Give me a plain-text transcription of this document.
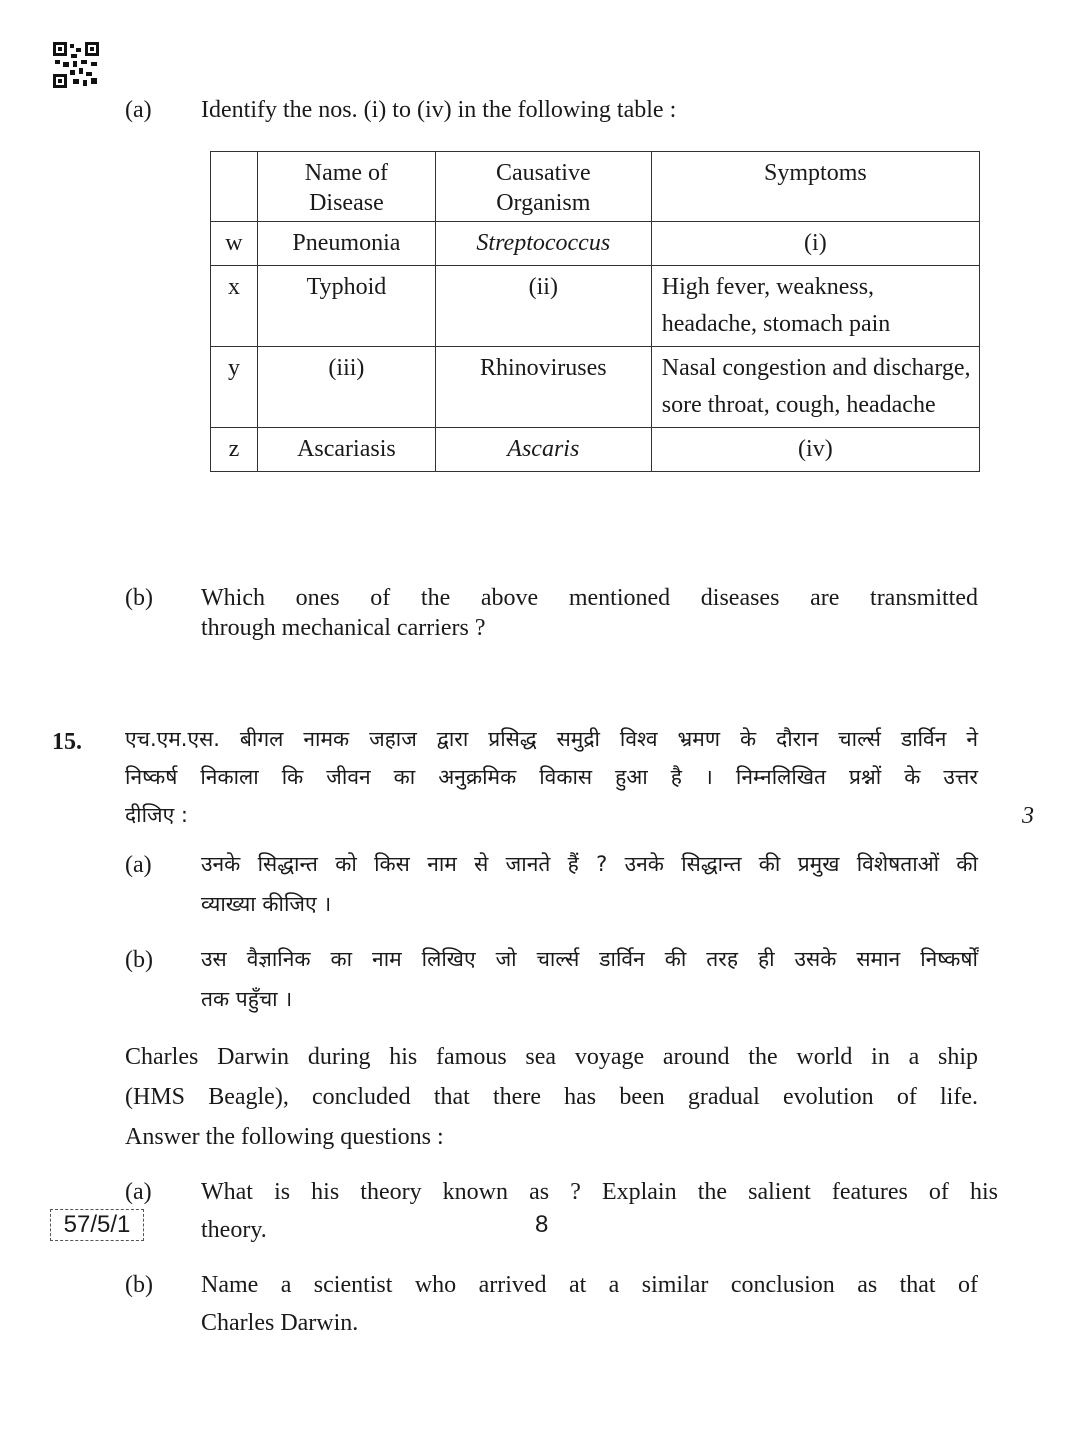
(a) Identify the nos. (i) to (iv) in the following table :
	Name of Disease	Causative Organism	Symptoms
w	Pneumonia	Streptococcus	(i)
x	Typhoid	(ii)	High fever, weakness, headache, stomach pain
y	(iii)	Rhinoviruses	Nasal congestion and discharge, sore throat, cough, headache
z	Ascariasis	Ascaris	(iv)
(b) Which ones of the above mentioned diseases are transmitted
through mechanical carriers ?
15.
3
एच.एम.एस. बीगल नामक जहाज द्वारा प्रसिद्ध समुद्री विश्व भ्रमण के दौरान चार्ल्स डार्विन ने
निष्कर्ष निकाला कि जीवन का अनुक्रमिक विकास हुआ है । निम्नलिखित प्रश्नों के उत्तर
दीजिए :
(a) उनके सिद्धान्त को किस नाम से जानते हैं ? उनके सिद्धान्त की प्रमुख विशेषताओं की
व्याख्या कीजिए ।
(b) उस वैज्ञानिक का नाम लिखिए जो चार्ल्स डार्विन की तरह ही उसके समान निष्कर्षों
तक पहुँचा ।
Charles Darwin during his famous sea voyage around the world in a ship
(HMS Beagle), concluded that there has been gradual evolution of life.
Answer the following questions :
(a) What is his theory known as ? Explain the salient features of his
theory.
(b) Name a scientist who arrived at a similar conclusion as that of
Charles Darwin.
57/5/1	8
